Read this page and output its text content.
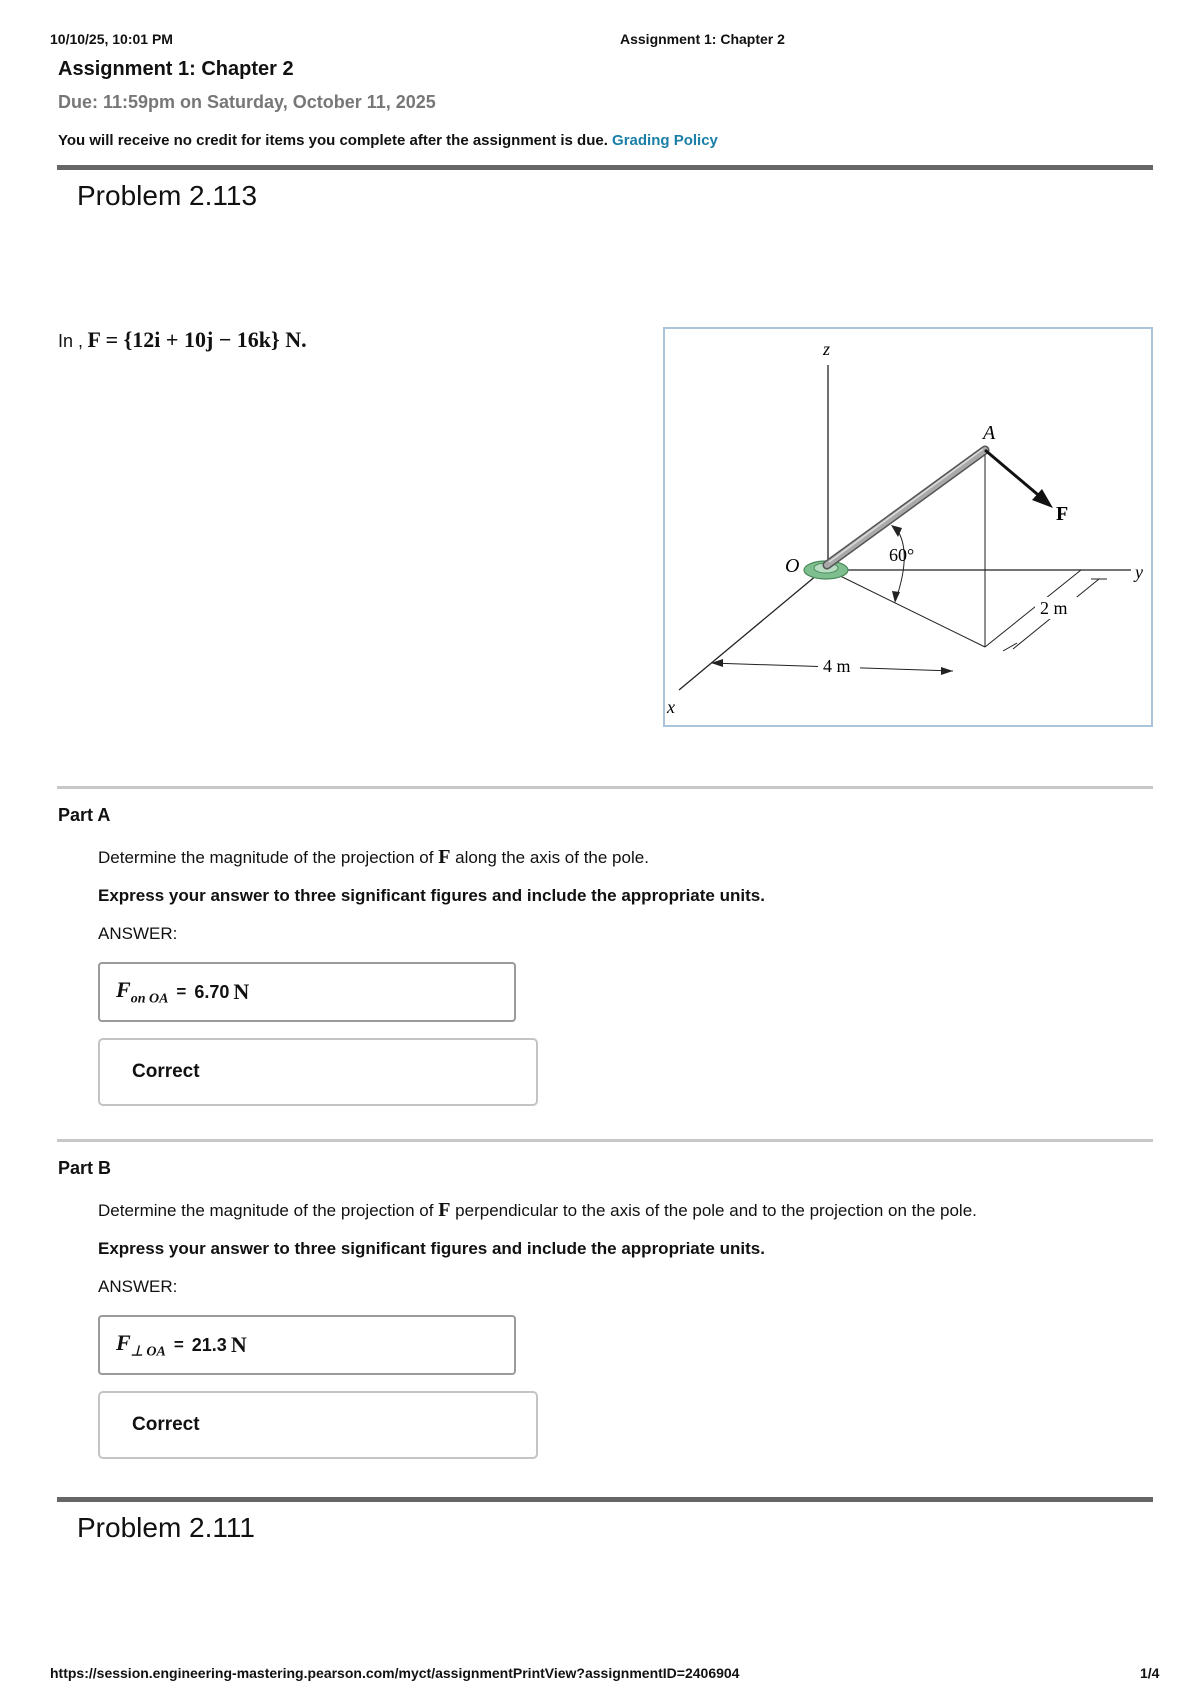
10/10/25, 10:01 PM	Assignment 1: Chapter 2
Assignment 1: Chapter 2
Due: 11:59pm on Saturday, October 11, 2025
You will receive no credit for items you complete after the assignment is due. Grading Policy
Problem 2.113
In , F = {12i + 10j − 16k} N.	z
y
x
O
A
F
60°
2 m
4 m
Part A
Determine the magnitude of the projection of F along the axis of the pole.
Express your answer to three significant figures and include the appropriate units.
ANSWER:
$F_{on OA} = 6.70$ N
Correct
Part B
Determine the magnitude of the projection of F perpendicular to the axis of the pole and to the projection on the pole.
Express your answer to three significant figures and include the appropriate units.
ANSWER:
$F_{\perp OA} = 21.3$ N
Correct
Problem 2.111
https://session.engineering-mastering.pearson.com/myct/assignmentPrintView?assignmentID=2406904	1/4
